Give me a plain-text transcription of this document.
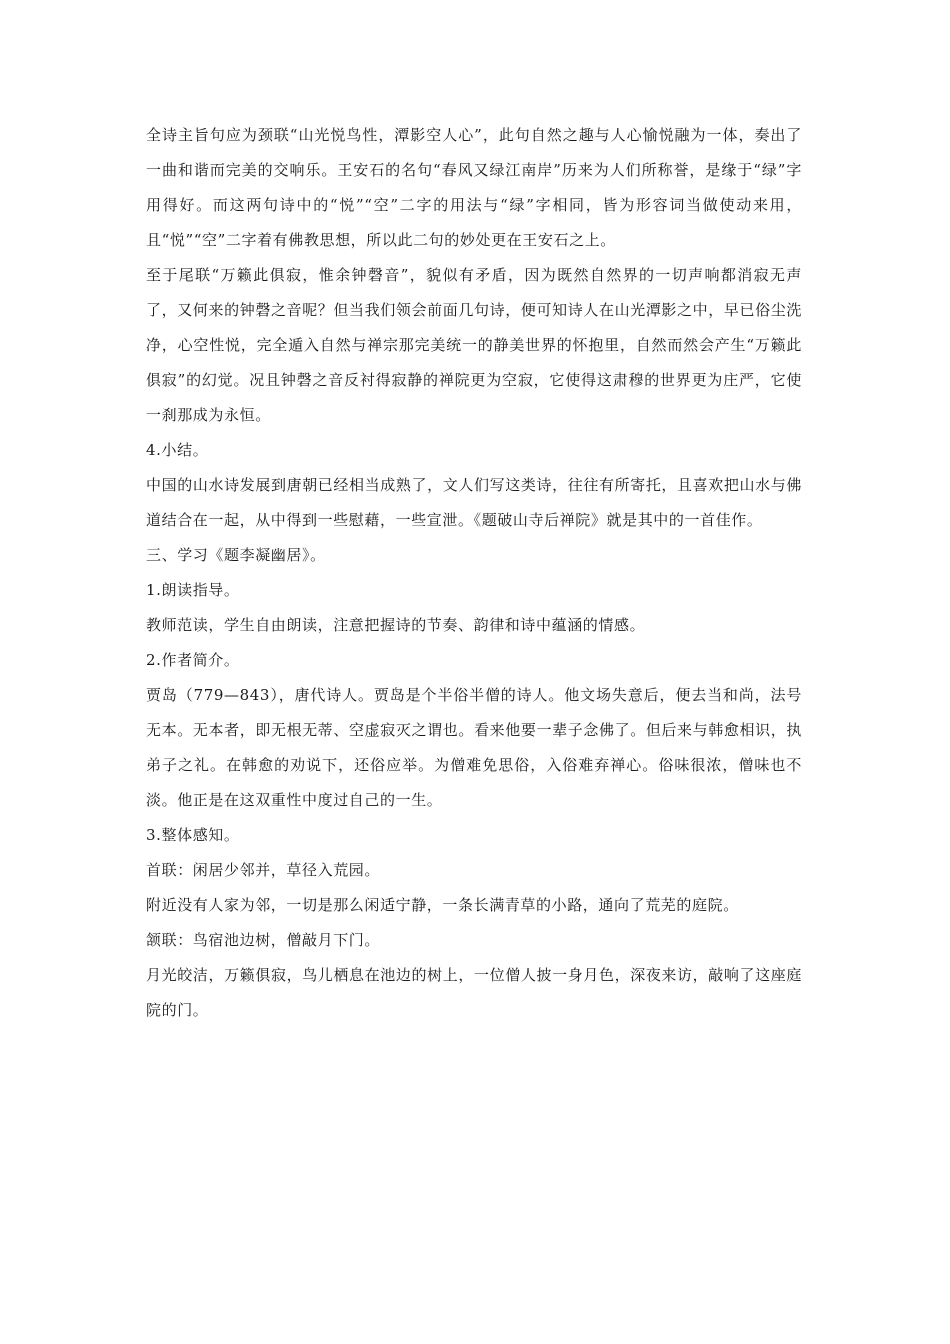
全诗主旨句应为颈联“山光悦鸟性，潭影空人心”，此句自然之趣与人心愉悦融为一体，奏出了一曲和谐而完美的交响乐。王安石的名句“春风又绿江南岸”历来为人们所称誉，是缘于“绿”字用得好。而这两句诗中的“悦”“空”二字的用法与“绿”字相同，皆为形容词当做使动来用，且“悦”“空”二字着有佛教思想，所以此二句的妙处更在王安石之上。

至于尾联“万籁此俱寂，惟余钟磬音”，貌似有矛盾，因为既然自然界的一切声响都消寂无声了，又何来的钟磬之音呢？但当我们领会前面几句诗，便可知诗人在山光潭影之中，早已俗尘洗净，心空性悦，完全遁入自然与禅宗那完美统一的静美世界的怀抱里，自然而然会产生“万籁此俱寂”的幻觉。况且钟磬之音反衬得寂静的禅院更为空寂，它使得这肃穆的世界更为庄严，它使一刹那成为永恒。

4.小结。

中国的山水诗发展到唐朝已经相当成熟了，文人们写这类诗，往往有所寄托，且喜欢把山水与佛道结合在一起，从中得到一些慰藉，一些宣泄。《题破山寺后禅院》就是其中的一首佳作。

三、学习《题李凝幽居》。

1.朗读指导。

教师范读，学生自由朗读，注意把握诗的节奏、韵律和诗中蕴涵的情感。

2.作者简介。

贾岛（779—843），唐代诗人。贾岛是个半俗半僧的诗人。他文场失意后，便去当和尚，法号无本。无本者，即无根无蒂、空虚寂灭之谓也。看来他要一辈子念佛了。但后来与韩愈相识，执弟子之礼。在韩愈的劝说下，还俗应举。为僧难免思俗，入俗难弃禅心。俗味很浓，僧味也不淡。他正是在这双重性中度过自己的一生。

3.整体感知。

首联：闲居少邻并，草径入荒园。

附近没有人家为邻，一切是那么闲适宁静，一条长满青草的小路，通向了荒芜的庭院。

颔联：鸟宿池边树，僧敲月下门。

月光皎洁，万籁俱寂，鸟儿栖息在池边的树上，一位僧人披一身月色，深夜来访，敲响了这座庭院的门。
